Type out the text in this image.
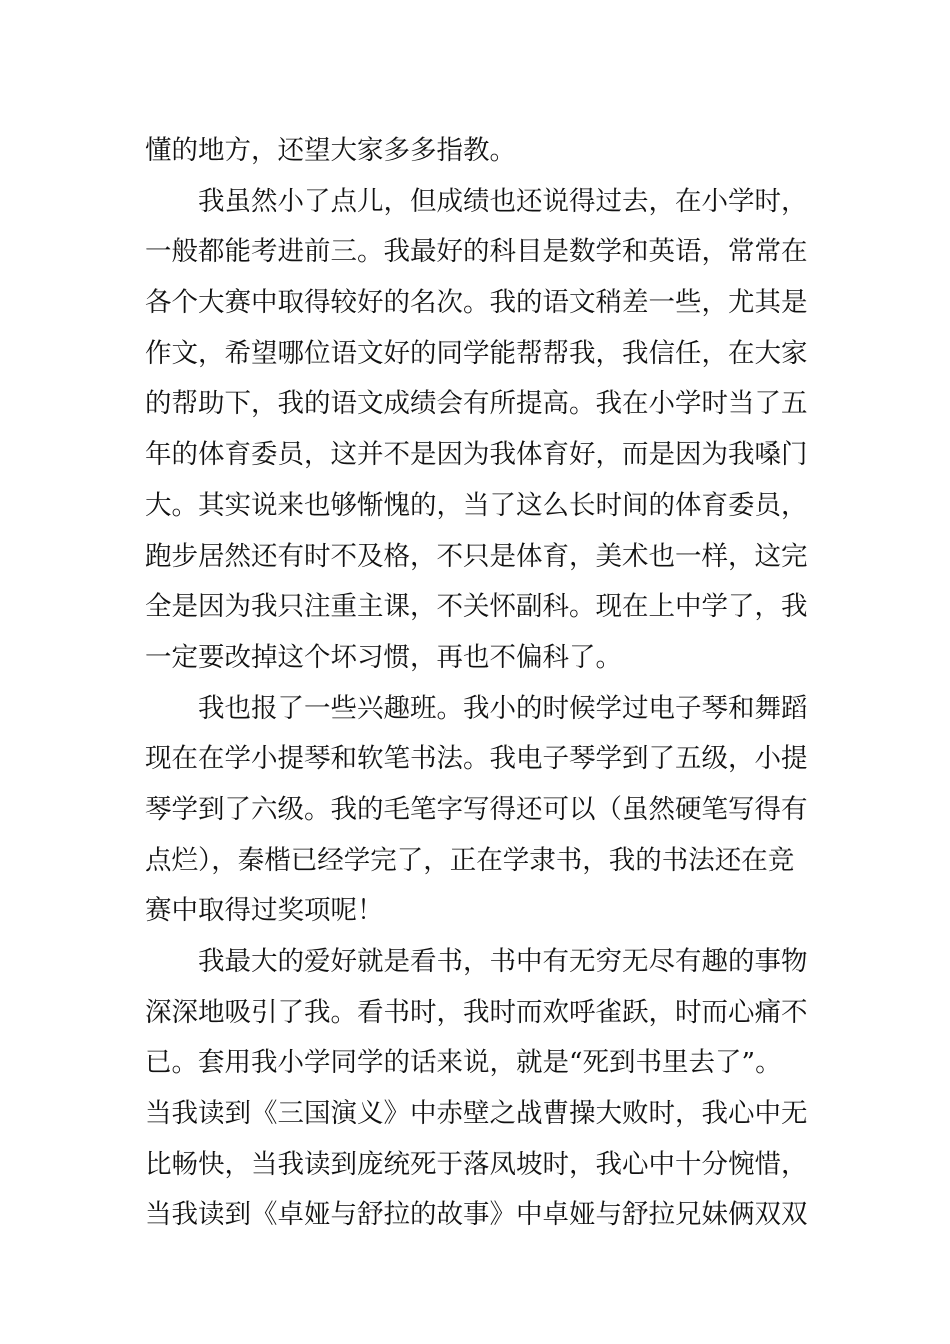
懂的地方，还望大家多多指教。
我虽然小了点儿，但成绩也还说得过去，在小学时，
一般都能考进前三。我最好的科目是数学和英语，常常在
各个大赛中取得较好的名次。我的语文稍差一些，尤其是
作文，希望哪位语文好的同学能帮帮我，我信任，在大家
的帮助下，我的语文成绩会有所提高。我在小学时当了五
年的体育委员，这并不是因为我体育好，而是因为我嗓门
大。其实说来也够惭愧的，当了这么长时间的体育委员，
跑步居然还有时不及格，不只是体育，美术也一样，这完
全是因为我只注重主课，不关怀副科。现在上中学了，我
一定要改掉这个坏习惯，再也不偏科了。
我也报了一些兴趣班。我小的时候学过电子琴和舞蹈
现在在学小提琴和软笔书法。我电子琴学到了五级，小提
琴学到了六级。我的毛笔字写得还可以（虽然硬笔写得有
点烂），秦楷已经学完了，正在学隶书，我的书法还在竞
赛中取得过奖项呢！
我最大的爱好就是看书，书中有无穷无尽有趣的事物
深深地吸引了我。看书时，我时而欢呼雀跃，时而心痛不
已。套用我小学同学的话来说，就是“死到书里去了”。
当我读到《三国演义》中赤壁之战曹操大败时，我心中无
比畅快，当我读到庞统死于落凤坡时，我心中十分惋惜，
当我读到《卓娅与舒拉的故事》中卓娅与舒拉兄妹俩双双
